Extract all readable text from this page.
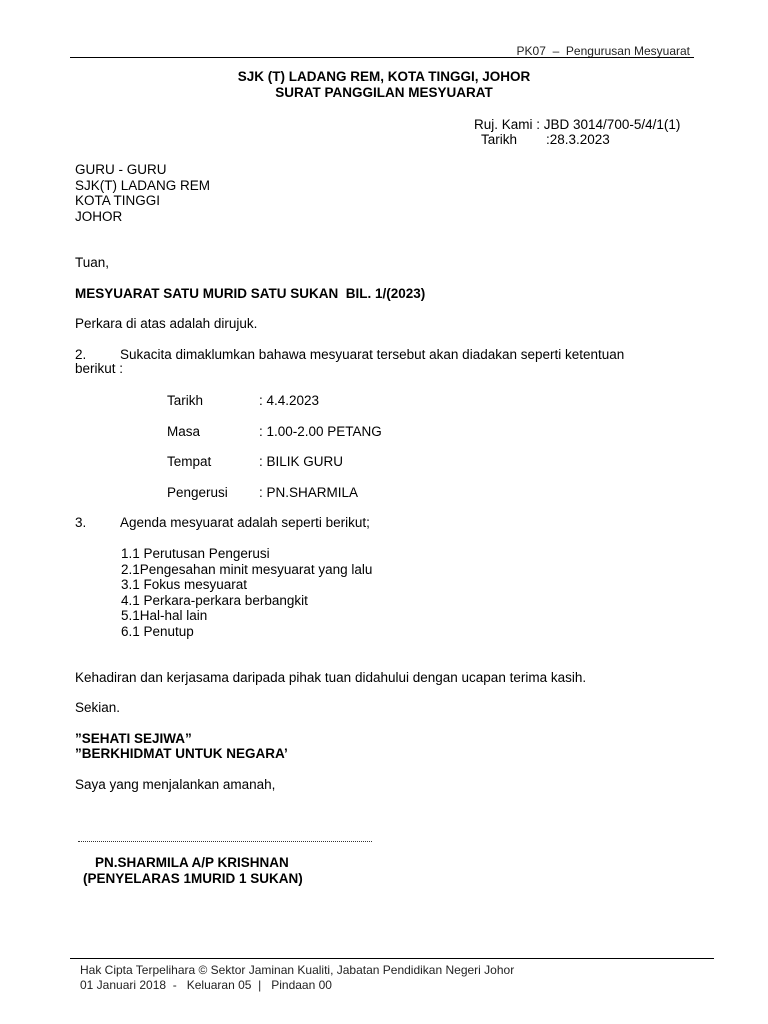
PK07 – Pengurusan Mesyuarat
SJK (T) LADANG REM, KOTA TINGGI, JOHOR
SURAT PANGGILAN MESYUARAT
Ruj. Kami : JBD 3014/700-5/4/1(1)
Tarikh :28.3.2023
GURU - GURU
SJK(T) LADANG REM
KOTA TINGGI
JOHOR
Tuan,
MESYUARAT SATU MURID SATU SUKAN  BIL. 1/(2023)
Perkara di atas adalah dirujuk.
2. Sukacita dimaklumkan bahawa mesyuarat tersebut akan diadakan seperti ketentuan
berikut :
Tarikh	: 4.4.2023
Masa	: 1.00-2.00 PETANG
Tempat	: BILIK GURU
Pengerusi : PN.SHARMILA
3. Agenda mesyuarat adalah seperti berikut;
1.1 Perutusan Pengerusi
2.1Pengesahan minit mesyuarat yang lalu
3.1 Fokus mesyuarat
4.1 Perkara-perkara berbangkit
5.1Hal-hal lain
6.1 Penutup
Kehadiran dan kerjasama daripada pihak tuan didahului dengan ucapan terima kasih.
Sekian.
”SEHATI SEJIWA”
”BERKHIDMAT UNTUK NEGARA’
Saya yang menjalankan amanah,
PN.SHARMILA A/P KRISHNAN
(PENYELARAS 1MURID 1 SUKAN)
Hak Cipta Terpelihara © Sektor Jaminan Kualiti, Jabatan Pendidikan Negeri Johor
01 Januari 2018  -   Keluaran 05  |   Pindaan 00
